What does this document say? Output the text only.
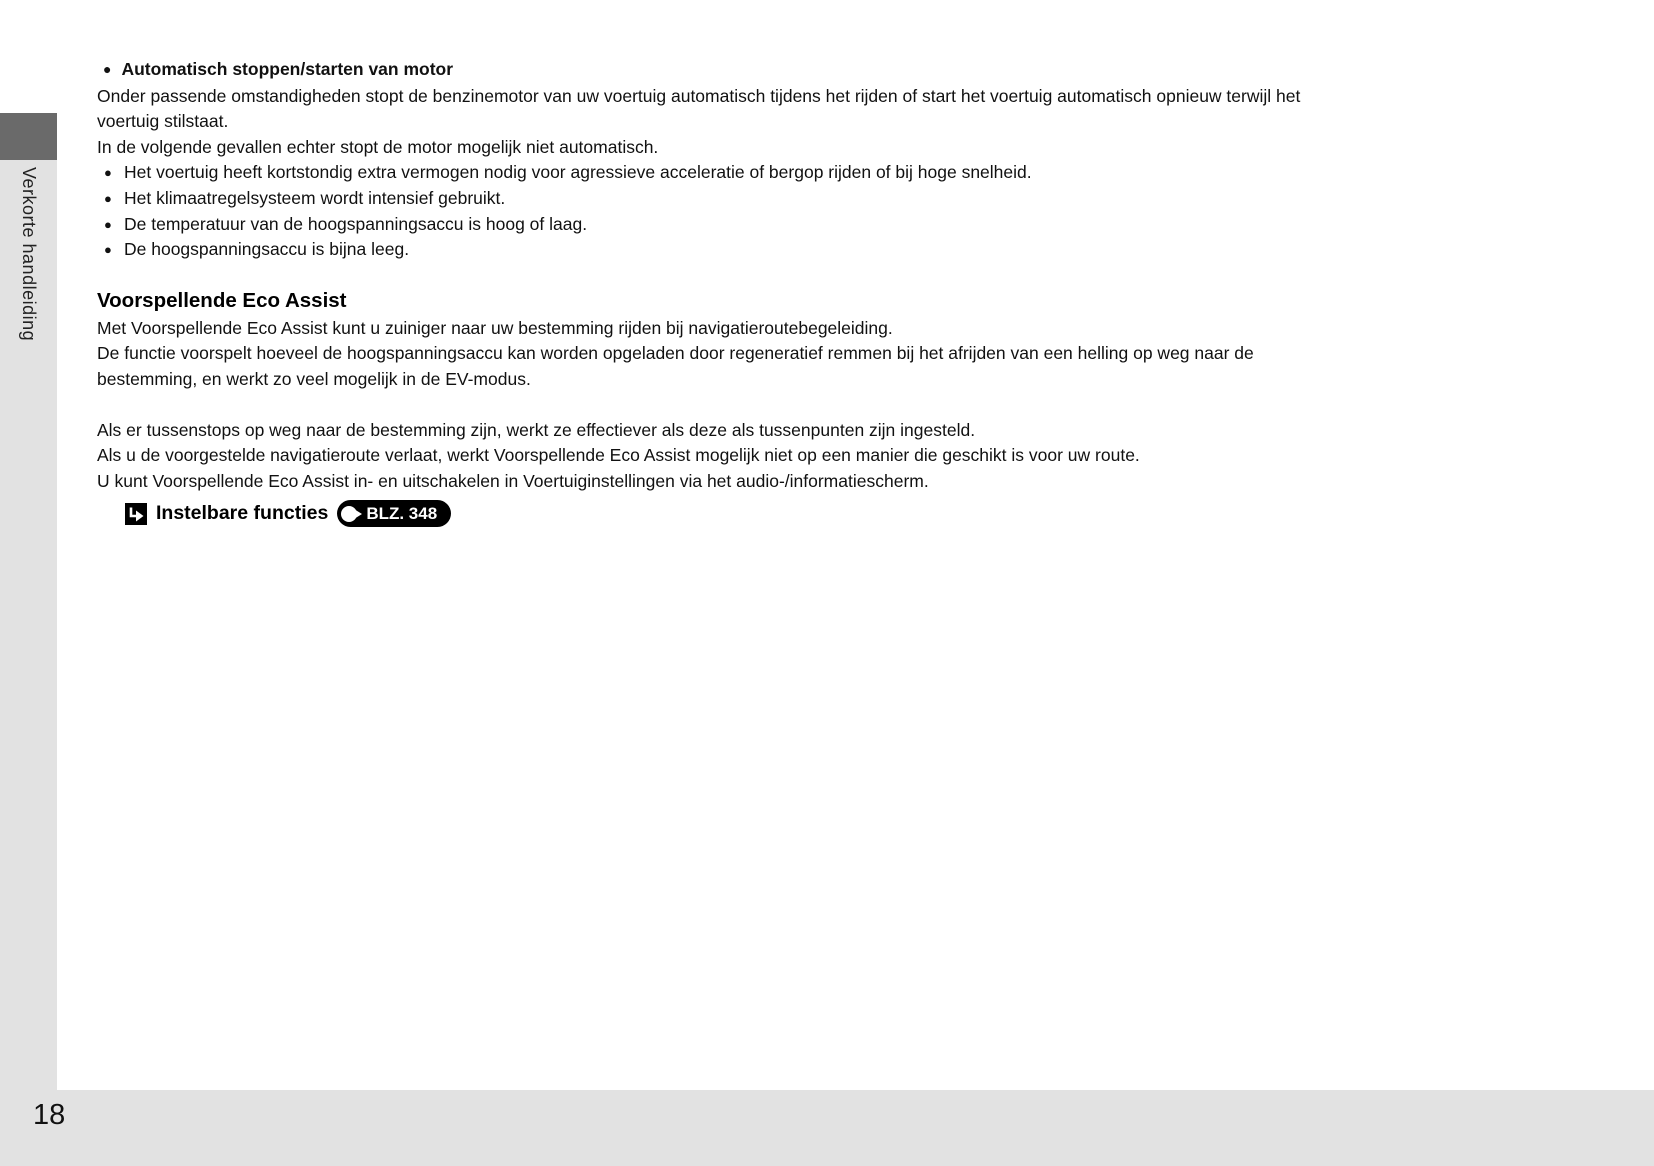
Verkorte handleiding
● Automatisch stoppen/starten van motor
Onder passende omstandigheden stopt de benzinemotor van uw voertuig automatisch tijdens het rijden of start het voertuig automatisch opnieuw terwijl het
voertuig stilstaat.
In de volgende gevallen echter stopt de motor mogelijk niet automatisch.
● Het voertuig heeft kortstondig extra vermogen nodig voor agressieve acceleratie of bergop rijden of bij hoge snelheid.
● Het klimaatregelsysteem wordt intensief gebruikt.
● De temperatuur van de hoogspanningsaccu is hoog of laag.
● De hoogspanningsaccu is bijna leeg.
Voorspellende Eco Assist
Met Voorspellende Eco Assist kunt u zuiniger naar uw bestemming rijden bij navigatieroutebegeleiding.
De functie voorspelt hoeveel de hoogspanningsaccu kan worden opgeladen door regeneratief remmen bij het afrijden van een helling op weg naar de
bestemming, en werkt zo veel mogelijk in de EV-modus.
Als er tussenstops op weg naar de bestemming zijn, werkt ze effectiever als deze als tussenpunten zijn ingesteld.
Als u de voorgestelde navigatieroute verlaat, werkt Voorspellende Eco Assist mogelijk niet op een manier die geschikt is voor uw route.
U kunt Voorspellende Eco Assist in- en uitschakelen in Voertuiginstellingen via het audio-/informatiescherm.
Instelbare functies BLZ. 348
18
